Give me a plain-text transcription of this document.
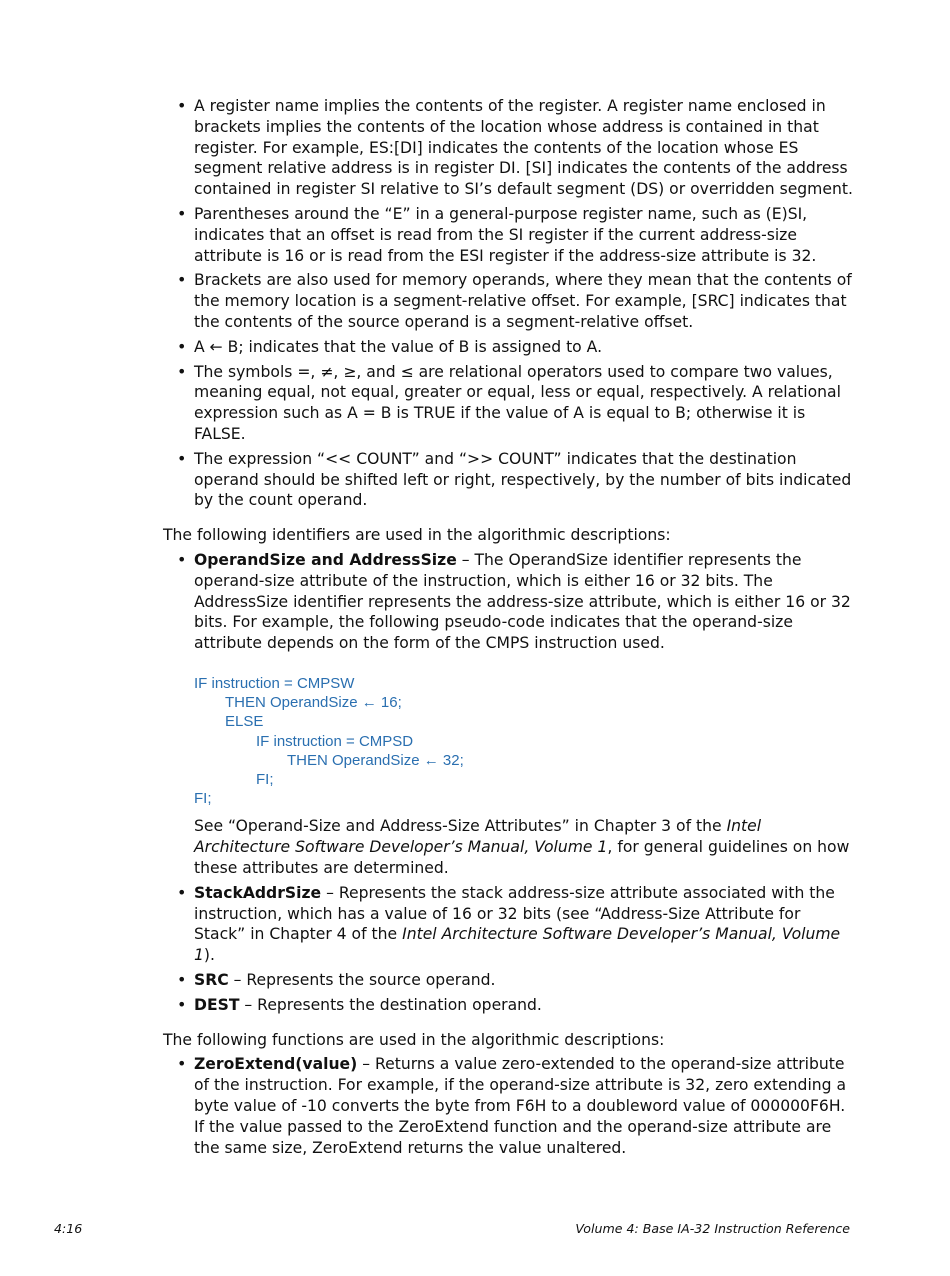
• A register name implies the contents of the register. A register name enclosed in brackets implies the contents of the location whose address is contained in that register. For example, ES:[DI] indicates the contents of the location whose ES segment relative address is in register DI. [SI] indicates the contents of the address contained in register SI relative to SI’s default segment (DS) or overridden segment.
• Parentheses around the “E” in a general-purpose register name, such as (E)SI, indicates that an offset is read from the SI register if the current address-size attribute is 16 or is read from the ESI register if the address-size attribute is 32.
• Brackets are also used for memory operands, where they mean that the contents of the memory location is a segment-relative offset. For example, [SRC] indicates that the contents of the source operand is a segment-relative offset.
• A ← B; indicates that the value of B is assigned to A.
• The symbols =, ≠, ≥, and ≤ are relational operators used to compare two values, meaning equal, not equal, greater or equal, less or equal, respectively. A relational expression such as A = B is TRUE if the value of A is equal to B; otherwise it is FALSE.
• The expression “<< COUNT” and “>> COUNT” indicates that the destination operand should be shifted left or right, respectively, by the number of bits indicated by the count operand.

The following identifiers are used in the algorithmic descriptions:

• OperandSize and AddressSize – The OperandSize identifier represents the operand-size attribute of the instruction, which is either 16 or 32 bits. The AddressSize identifier represents the address-size attribute, which is either 16 or 32 bits. For example, the following pseudo-code indicates that the operand-size attribute depends on the form of the CMPS instruction used.
IF instruction = CMPSW
THEN OperandSize ← 16;
ELSE
IF instruction = CMPSD
THEN OperandSize ← 32;
FI;
FI;

See “Operand-Size and Address-Size Attributes” in Chapter 3 of the Intel Architecture Software Developer’s Manual, Volume 1, for general guidelines on how these attributes are determined.

• StackAddrSize – Represents the stack address-size attribute associated with the instruction, which has a value of 16 or 32 bits (see “Address-Size Attribute for Stack” in Chapter 4 of the Intel Architecture Software Developer’s Manual, Volume 1).
• SRC – Represents the source operand.
• DEST – Represents the destination operand.

The following functions are used in the algorithmic descriptions:

• ZeroExtend(value) – Returns a value zero-extended to the operand-size attribute of the instruction. For example, if the operand-size attribute is 32, zero extending a byte value of -10 converts the byte from F6H to a doubleword value of 000000F6H. If the value passed to the ZeroExtend function and the operand-size attribute are the same size, ZeroExtend returns the value unaltered.
4:16	Volume 4: Base IA-32 Instruction Reference
